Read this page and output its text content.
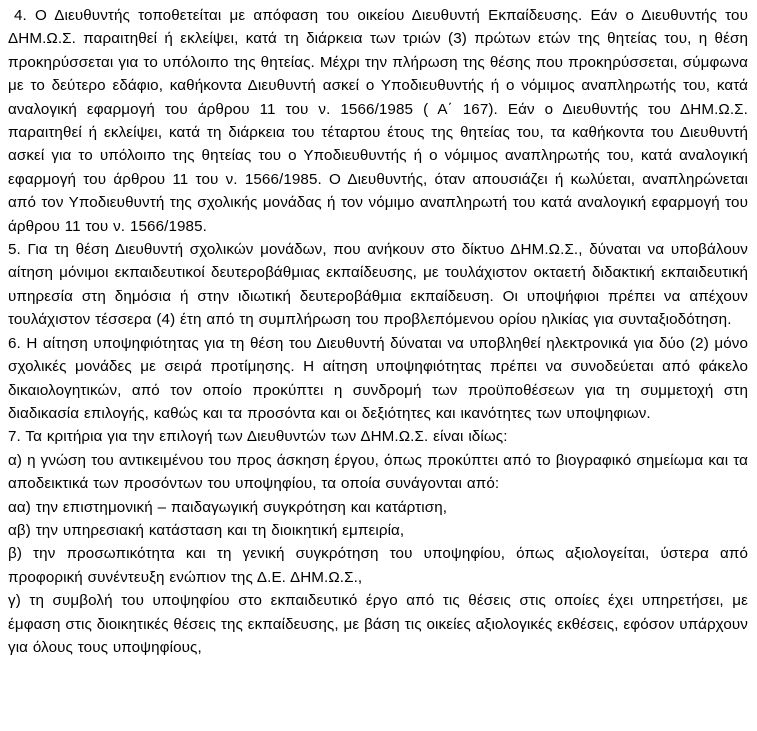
4. Ο Διευθυντής τοποθετείται με απόφαση του οικείου Διευθυντή Εκπαίδευσης. Εάν ο Διευθυντής του ΔΗΜ.Ω.Σ. παραιτηθεί ή εκλείψει, κατά τη διάρκεια των τριών (3) πρώτων ετών της θητείας του, η θέση προκηρύσσεται για το υπόλοιπο της θητείας. Μέχρι την πλήρωση της θέσης που προκηρύσσεται, σύμφωνα με το δεύτερο εδάφιο, καθήκοντα Διευθυντή ασκεί ο Υποδιευθυντής ή ο νόμιμος αναπληρωτής του, κατά αναλογική εφαρμογή του άρθρου 11 του ν. 1566/1985 ( Α΄ 167). Εάν ο Διευθυντής του ΔΗΜ.Ω.Σ. παραιτηθεί ή εκλείψει, κατά τη διάρκεια του τέταρτου έτους της θητείας του, τα καθήκοντα του Διευθυντή ασκεί για το υπόλοιπο της θητείας του ο Υποδιευθυντής ή ο νόμιμος αναπληρωτής του, κατά αναλογική εφαρμογή του άρθρου 11 του ν. 1566/1985. Ο Διευθυντής, όταν απουσιάζει ή κωλύεται, αναπληρώνεται από τον Υποδιευθυντή της σχολικής μονάδας ή τον νόμιμο αναπληρωτή του κατά αναλογική εφαρμογή του άρθρου 11 του ν. 1566/1985.

5. Για τη θέση Διευθυντή σχολικών μονάδων, που ανήκουν στο δίκτυο ΔΗΜ.Ω.Σ., δύναται να υποβάλουν αίτηση μόνιμοι εκπαιδευτικοί δευτεροβάθμιας εκπαίδευσης, με τουλάχιστον οκταετή διδακτική εκπαιδευτική υπηρεσία στη δημόσια ή στην ιδιωτική δευτεροβάθμια εκπαίδευση. Οι υποψήφιοι πρέπει να απέχουν τουλάχιστον τέσσερα (4) έτη από τη συμπλήρωση του προβλεπόμενου ορίου ηλικίας για συνταξιοδότηση.

6. Η αίτηση υποψηφιότητας για τη θέση του Διευθυντή δύναται να υποβληθεί ηλεκτρονικά για δύο (2) μόνο σχολικές μονάδες με σειρά προτίμησης. Η αίτηση υποψηφιότητας πρέπει να συνοδεύεται από φάκελο δικαιολογητικών, από τον οποίο προκύπτει η συνδρομή των προϋποθέσεων για τη συμμετοχή στη διαδικασία επιλογής, καθώς και τα προσόντα και οι δεξιότητες και ικανότητες των υποψηφιων.

7. Τα κριτήρια για την επιλογή των Διευθυντών των ΔΗΜ.Ω.Σ. είναι ιδίως:

α) η γνώση του αντικειμένου του προς άσκηση έργου, όπως προκύπτει από το βιογραφικό σημείωμα και τα αποδεικτικά των προσόντων του υποψηφίου, τα οποία συνάγονται από:

αα) την επιστημονική – παιδαγωγική συγκρότηση και κατάρτιση,

αβ) την υπηρεσιακή κατάσταση και τη διοικητική εμπειρία,

β) την προσωπικότητα και τη γενική συγκρότηση του υποψηφίου, όπως αξιολογείται, ύστερα από προφορική συνέντευξη ενώπιον της Δ.Ε. ΔΗΜ.Ω.Σ.,

γ) τη συμβολή του υποψηφίου στο εκπαιδευτικό έργο από τις θέσεις στις οποίες έχει υπηρετήσει, με έμφαση στις διοικητικές θέσεις της εκπαίδευσης, με βάση τις οικείες αξιολογικές εκθέσεις, εφόσον υπάρχουν για όλους τους υποψηφίους,
